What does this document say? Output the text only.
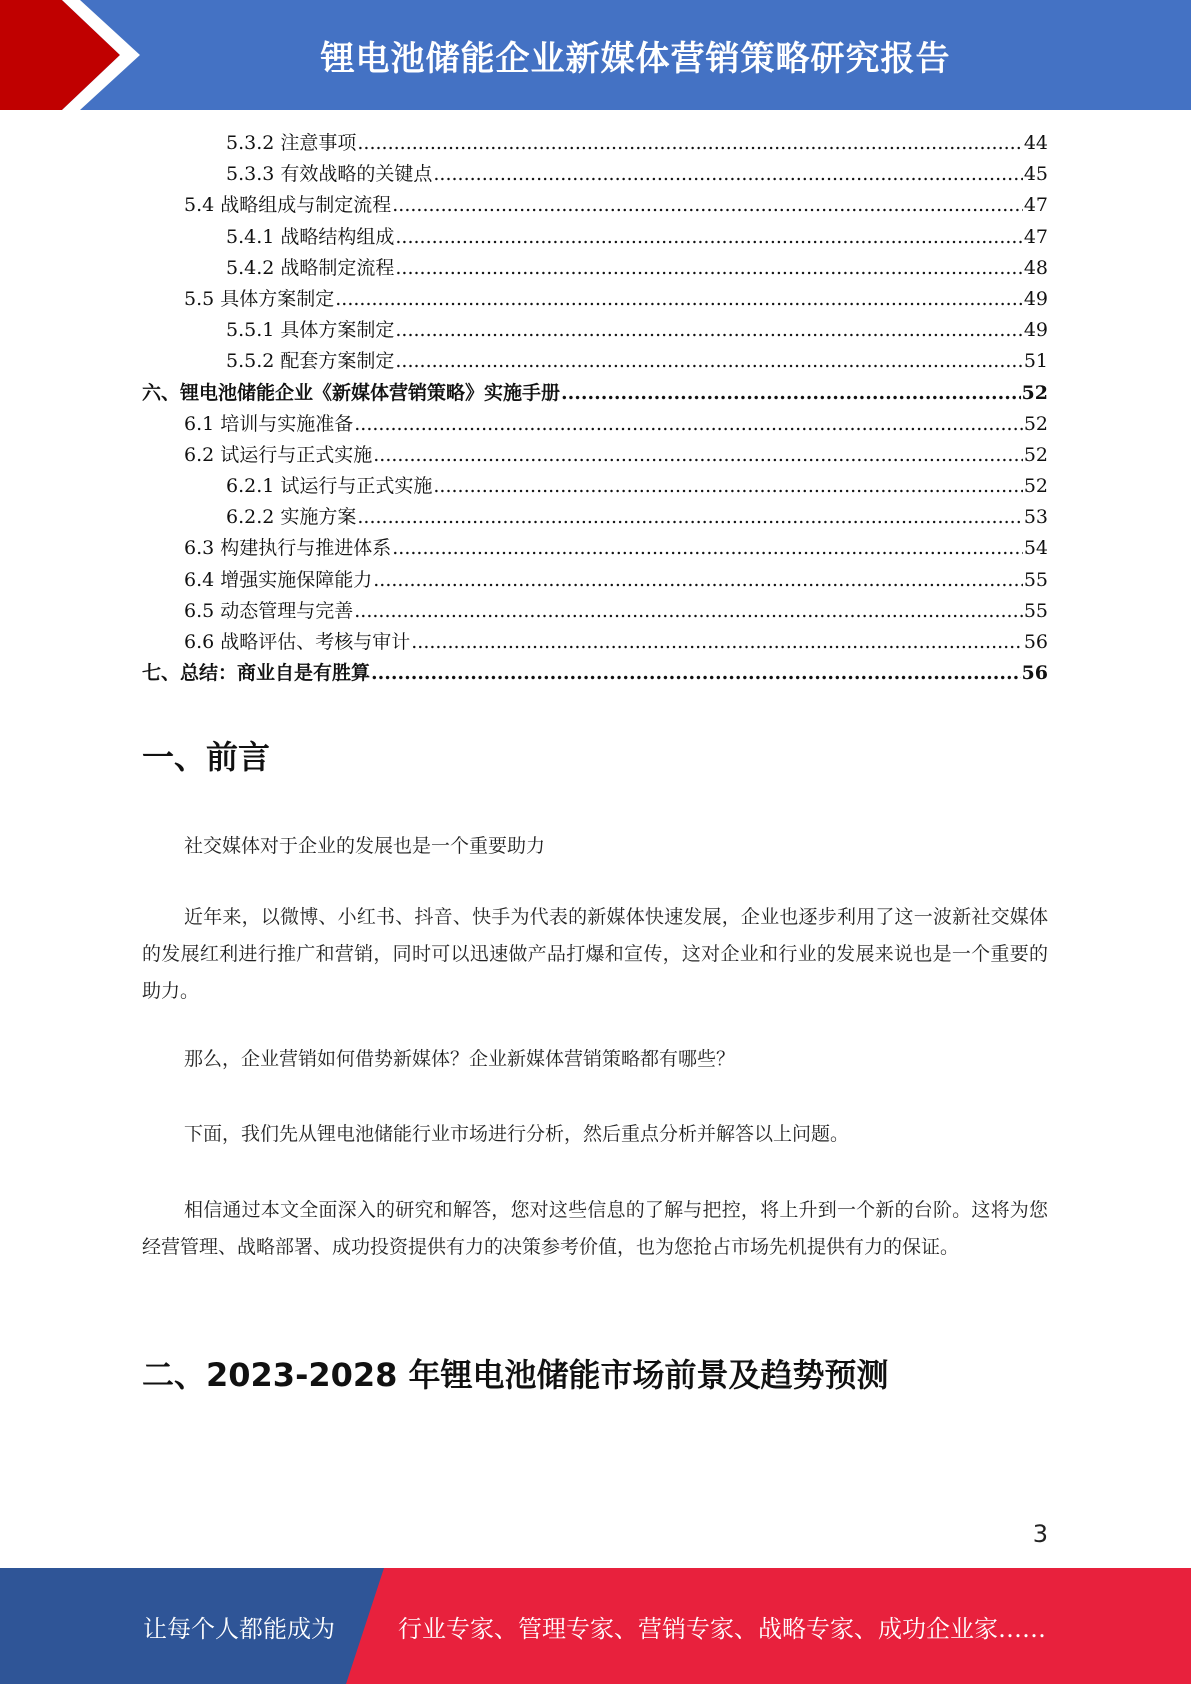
锂电池储能企业新媒体营销策略研究报告
5.3.2 注意事项 .....	44
5.3.3 有效战略的关键点 .....	45
5.4 战略组成与制定流程 .....	47
5.4.1 战略结构组成 .....	47
5.4.2 战略制定流程 .....	48
5.5 具体方案制定 .....	49
5.5.1 具体方案制定 .....	49
5.5.2 配套方案制定 .....	51
六、锂电池储能企业《新媒体营销策略》实施手册 .....	52
6.1 培训与实施准备 .....	52
6.2 试运行与正式实施 .....	52
6.2.1 试运行与正式实施 .....	52
6.2.2 实施方案 .....	53
6.3 构建执行与推进体系 .....	54
6.4 增强实施保障能力 .....	55
6.5 动态管理与完善 .....	55
6.6 战略评估、考核与审计 .....	56
七、总结：商业自是有胜算 .....	56
一、前言

社交媒体对于企业的发展也是一个重要助力

近年来，以微博、小红书、抖音、快手为代表的新媒体快速发展，企业也逐步利用了这一波新社交媒体的发展红利进行推广和营销，同时可以迅速做产品打爆和宣传，这对企业和行业的发展来说也是一个重要的助力。

那么，企业营销如何借势新媒体？企业新媒体营销策略都有哪些？

下面，我们先从锂电池储能行业市场进行分析，然后重点分析并解答以上问题。

相信通过本文全面深入的研究和解答，您对这些信息的了解与把控，将上升到一个新的台阶。这将为您经营管理、战略部署、成功投资提供有力的决策参考价值，也为您抢占市场先机提供有力的保证。

二、2023-2028 年锂电池储能市场前景及趋势预测
3
让每个人都能成为	行业专家、管理专家、营销专家、战略专家、成功企业家……
